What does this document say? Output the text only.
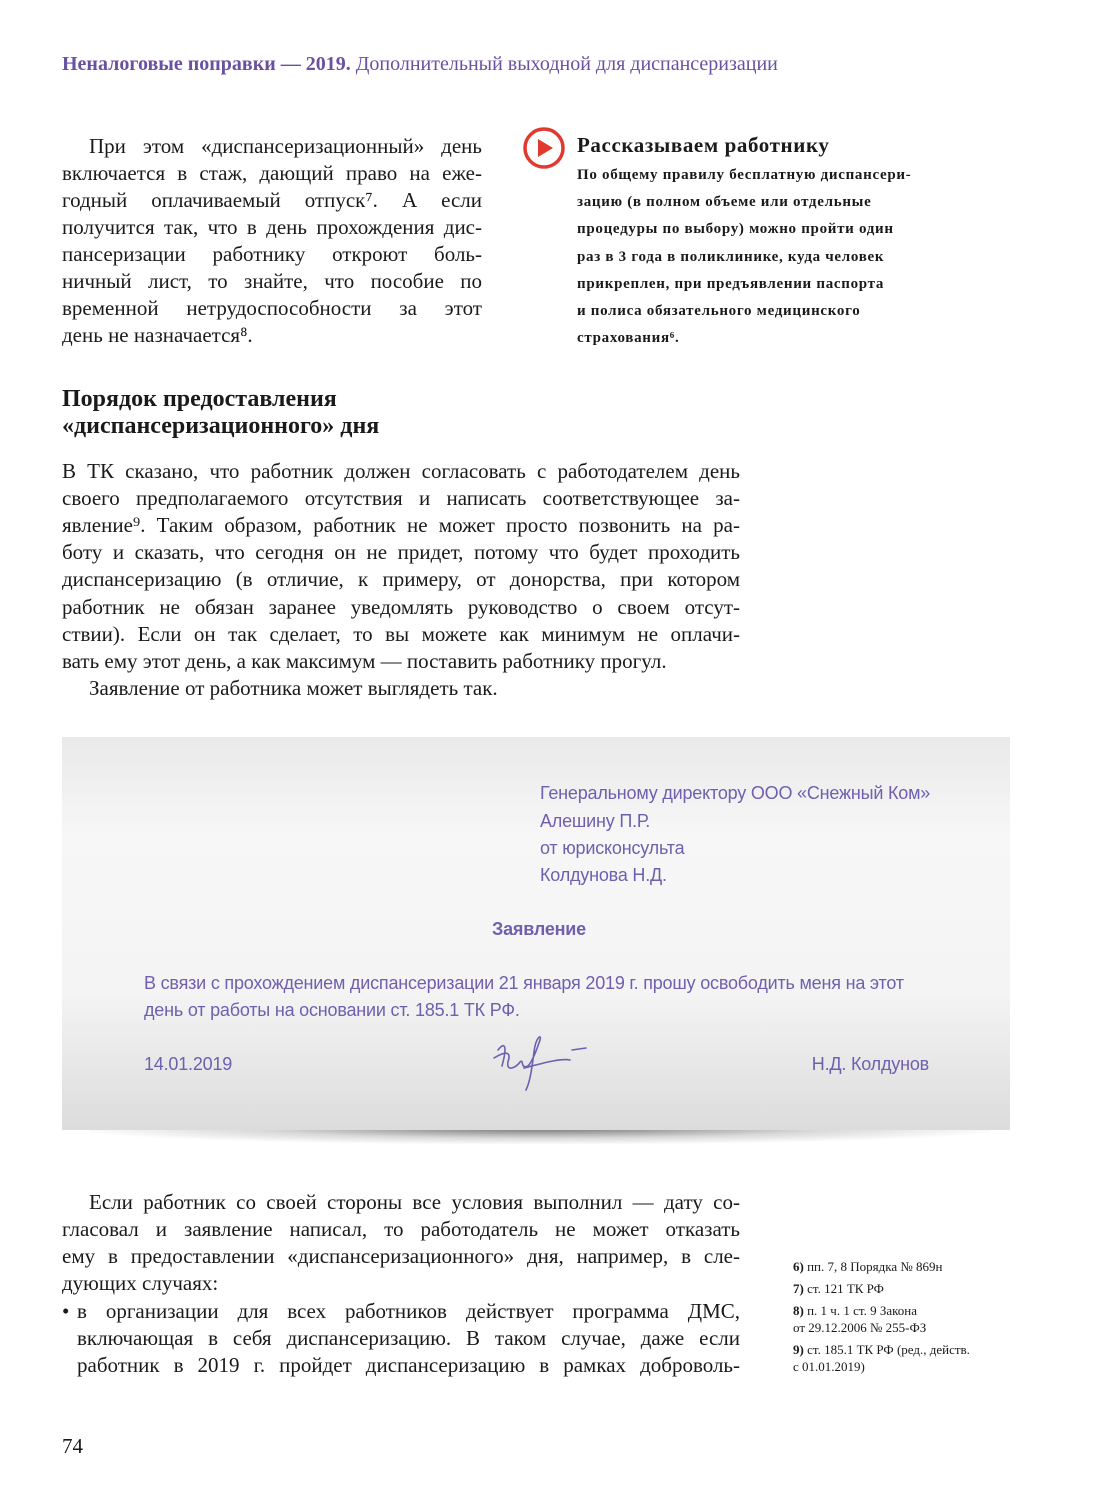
Неналоговые поправки — 2019. Дополнительный выходной для диспансеризации
При этом «диспансеризационный» день
включается в стаж, дающий право на еже-
годный оплачиваемый отпуск⁷. А если
получится так, что в день прохождения дис-
пансеризации работнику откроют боль-
ничный лист, то знайте, что пособие по
временной нетрудоспособности за этот
день не назначается⁸.
Рассказываем работнику
По общему правилу бесплатную диспансери-
зацию (в полном объеме или отдельные
процедуры по выбору) можно пройти один
раз в 3 года в поликлинике, куда человек
прикреплен, при предъявлении паспорта
и полиса обязательного медицинского
страхования⁶.
Порядок предоставления
«диспансеризационного» дня
В ТК сказано, что работник должен согласовать с работодателем день
своего предполагаемого отсутствия и написать соответствующее за-
явление⁹. Таким образом, работник не может просто позвонить на ра-
боту и сказать, что сегодня он не придет, потому что будет проходить
диспансеризацию (в отличие, к примеру, от донорства, при котором
работник не обязан заранее уведомлять руководство о своем отсут-
ствии). Если он так сделает, то вы можете как минимум не оплачи-
вать ему этот день, а как максимум — поставить работнику прогул.
Заявление от работника может выглядеть так.
Генеральному директору ООО «Снежный Ком»
Алешину П.Р.
от юрисконсульта
Колдунова Н.Д.
Заявление
В связи с прохождением диспансеризации 21 января 2019 г. прошу освободить меня на этот
день от работы на основании ст. 185.1 ТК РФ.
14.01.2019	Н.Д. Колдунов
Если работник со своей стороны все условия выполнил — дату со-
гласовал и заявление написал, то работодатель не может отказать
ему в предоставлении «диспансеризационного» дня, например, в сле-
дующих случаях:
• в организации для всех работников действует программа ДМС,
включающая в себя диспансеризацию. В таком случае, даже если
работник в 2019 г. пройдет диспансеризацию в рамках доброволь-
6) пп. 7, 8 Порядка № 869н
7) ст. 121 ТК РФ
8) п. 1 ч. 1 ст. 9 Закона
от 29.12.2006 № 255-ФЗ
9) ст. 185.1 ТК РФ (ред., действ.
с 01.01.2019)
74
